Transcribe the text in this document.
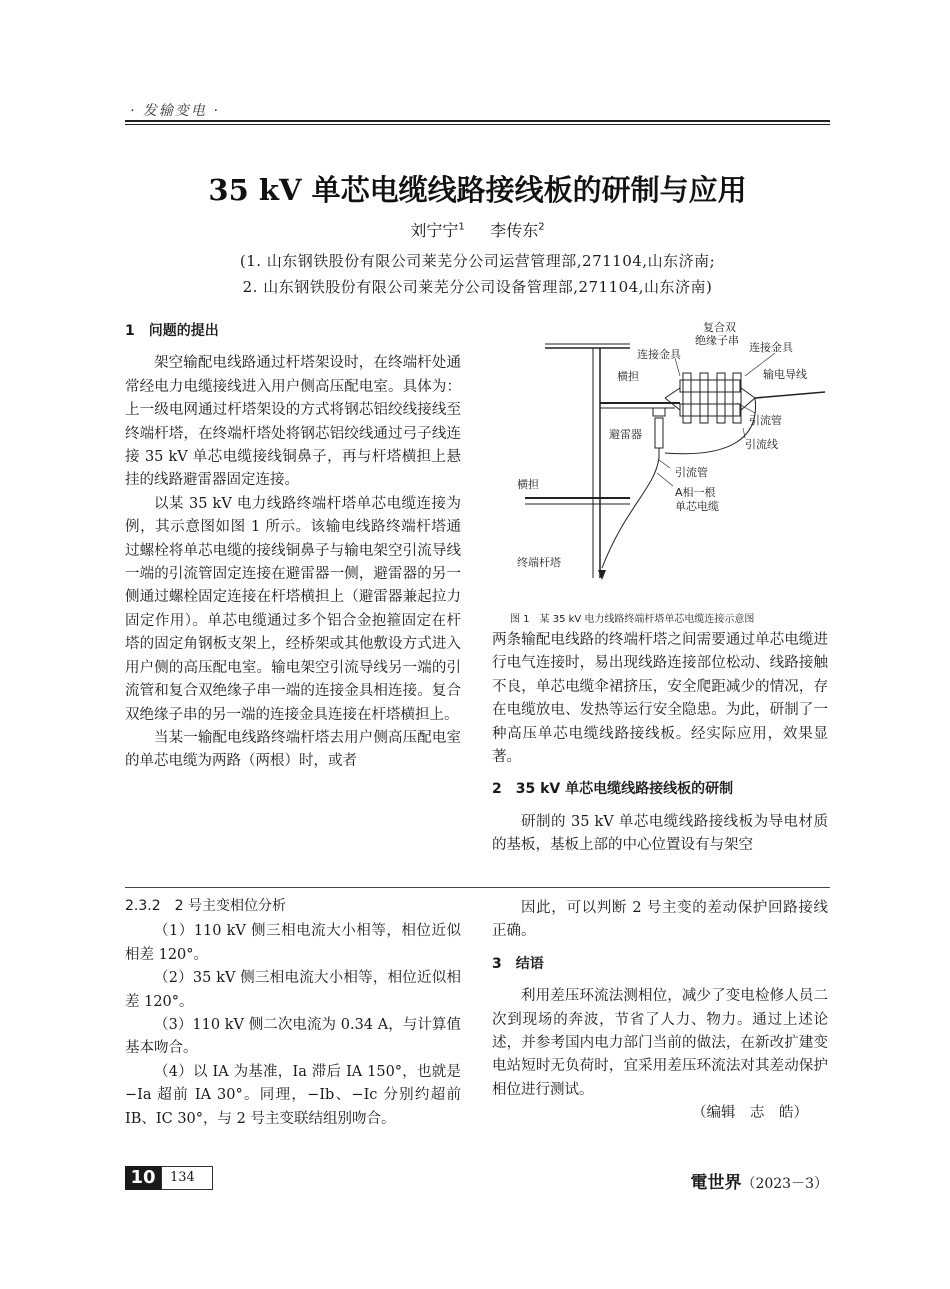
· 发输变电 ·
35 kV 单芯电缆线路接线板的研制与应用
刘宁宁$^1$ 李传东$^2$
(1. 山东钢铁股份有限公司莱芜分公司运营管理部,271104,山东济南;
2. 山东钢铁股份有限公司莱芜分公司设备管理部,271104,山东济南)
1　问题的提出

架空输配电线路通过杆塔架设时，在终端杆处通常经电力电缆接线进入用户侧高压配电室。具体为：上一级电网通过杆塔架设的方式将钢芯铝绞线接线至终端杆塔，在终端杆塔处将钢芯铝绞线通过弓子线连接 35 kV 单芯电缆接线铜鼻子，再与杆塔横担上悬挂的线路避雷器固定连接。

以某 35 kV 电力线路终端杆塔单芯电缆连接为例，其示意图如图 1 所示。该输电线路终端杆塔通过螺栓将单芯电缆的接线铜鼻子与输电架空引流导线一端的引流管固定连接在避雷器一侧，避雷器的另一侧通过螺栓固定连接在杆塔横担上（避雷器兼起拉力固定作用）。单芯电缆通过多个铝合金抱箍固定在杆塔的固定角钢板支架上，经桥架或其他敷设方式进入用户侧的高压配电室。输电架空引流导线另一端的引流管和复合双绝缘子串一端的连接金具相连接。复合双绝缘子串的另一端的连接金具连接在杆塔横担上。

当某一输配电线路终端杆塔去用户侧高压配电室的单芯电缆为两路（两根）时，或者

复合双
绝缘子串
连接金具
连接金具
横担	输电导线
引流管
避雷器
引流线
引流管
A相一根
单芯电缆
横担
终端杆塔
图 1　某 35 kV 电力线路终端杆塔单芯电缆连接示意图

两条输配电线路的终端杆塔之间需要通过单芯电缆进行电气连接时，易出现线路连接部位松动、线路接触不良，单芯电缆伞裙挤压，安全爬距减少的情况，存在电缆放电、发热等运行安全隐患。为此，研制了一种高压单芯电缆线路接线板。经实际应用，效果显著。

2　35 kV 单芯电缆线路接线板的研制

研制的 35 kV 单芯电缆线路接线板为导电材质的基板，基板上部的中心位置设有与架空

2.3.2　2 号主变相位分析

（1）110 kV 侧三相电流大小相等，相位近似相差 120°。

（2）35 kV 侧三相电流大小相等，相位近似相差 120°。

（3）110 kV 侧二次电流为 0.34 A，与计算值基本吻合。

（4）以 IA 为基准，Ia 滞后 IA 150°，也就是 −Ia 超前 IA 30°。同理，−Ib、−Ic 分别约超前 IB、IC 30°，与 2 号主变联结组别吻合。

因此，可以判断 2 号主变的差动保护回路接线正确。

3　结语

利用差压环流法测相位，减少了变电检修人员二次到现场的奔波，节省了人力、物力。通过上述论述，并参考国内电力部门当前的做法，在新改扩建变电站短时无负荷时，宜采用差压环流法对其差动保护相位进行测试。

（编辑　志　皓）
10	134	電世界（2023－3）
